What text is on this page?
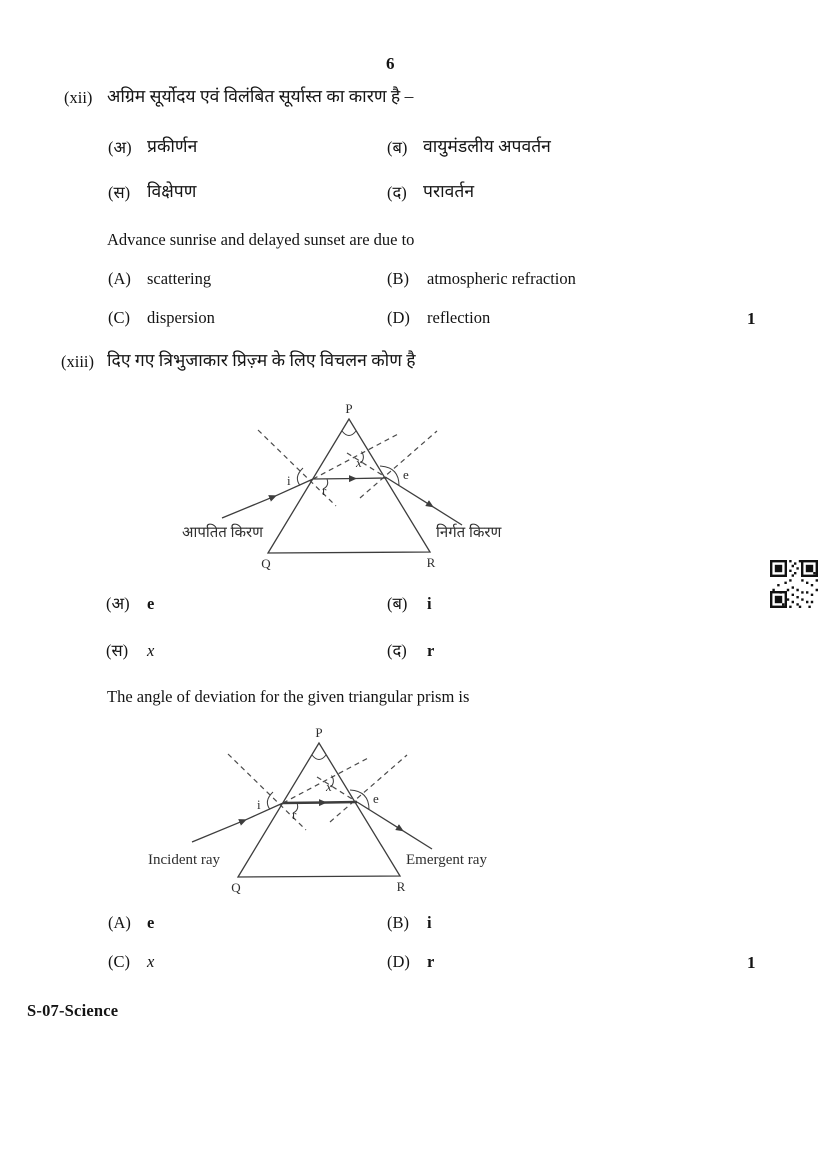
6
(xii) अग्रिम सूर्योदय एवं विलंबित सूर्यास्त का कारण है –
(अ) प्रकीर्णन	(ब) वायुमंडलीय अपवर्तन
(स) विक्षेपण	(द) परावर्तन
Advance sunrise and delayed sunset are due to
(A) scattering	(B) atmospheric refraction
(C) dispersion	(D) reflection	1
(xiii) दिए गए त्रिभुजाकार प्रिज़्म के लिए विचलन कोण है
P
Q	R
i
r
x
e
आपतित किरण	निर्गत किरण
(अ) e	(ब) i
(स) x	(द) r
The angle of deviation for the given triangular prism is
P
Q	R
i
r
x
e
Incident ray	Emergent ray
(A) e	(B) i
(C) x	(D) r	1
S-07-Science
